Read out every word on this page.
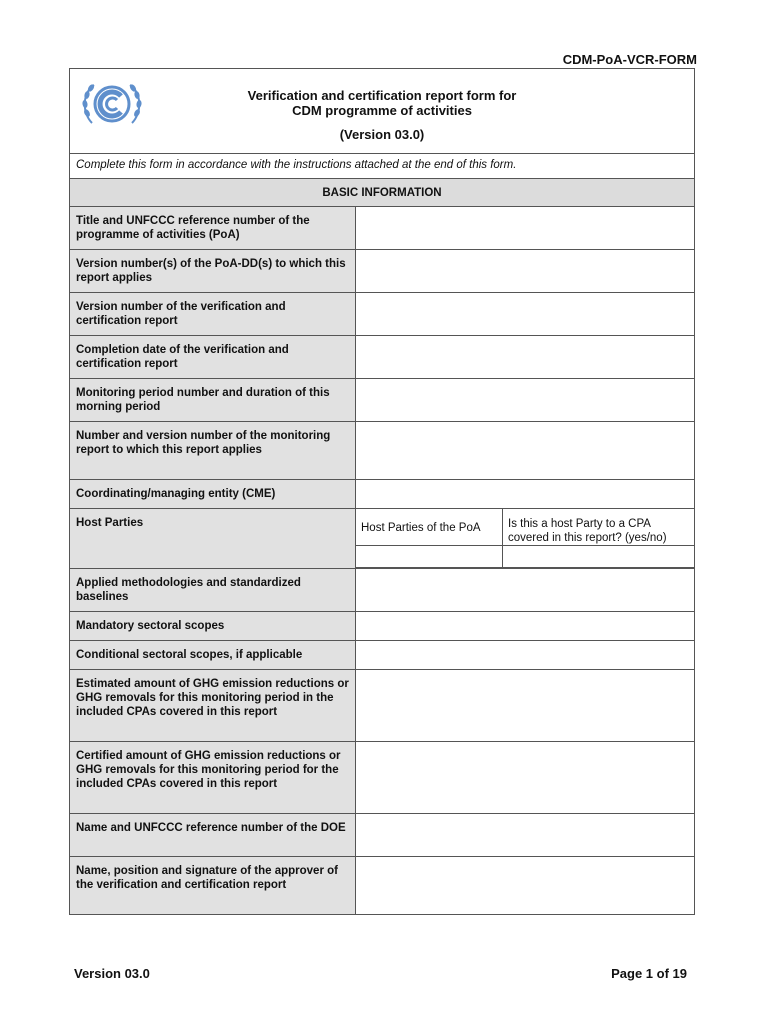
CDM-PoA-VCR-FORM
Verification and certification report form for
CDM programme of activities
(Version 03.0)		

Complete this form in accordance with the instructions attached at the end of this form.		
BASIC INFORMATION		
Title and UNFCCC reference number of the programme of activities (PoA)		
Version number(s) of the PoA-DD(s) to which this report applies		
Version number of the verification and certification report		
Completion date of the verification and certification report		
Monitoring period number and duration of this morning period		
Number and version number of the monitoring report to which this report applies		
Coordinating/managing entity (CME)		
Host Parties	Host Parties of the PoA	Is this a host Party to a CPA covered in this report? (yes/no)

Applied methodologies and standardized baselines		
Mandatory sectoral scopes		
Conditional sectoral scopes, if applicable		
Estimated amount of GHG emission reductions or GHG removals for this monitoring period in the included CPAs covered in this report		
Certified amount of GHG emission reductions or GHG removals for this monitoring period for the included CPAs covered in this report		
Name and UNFCCC reference number of the DOE		
Name, position and signature of the approver of the verification and certification report		
Version 03.0	Page 1 of 19
